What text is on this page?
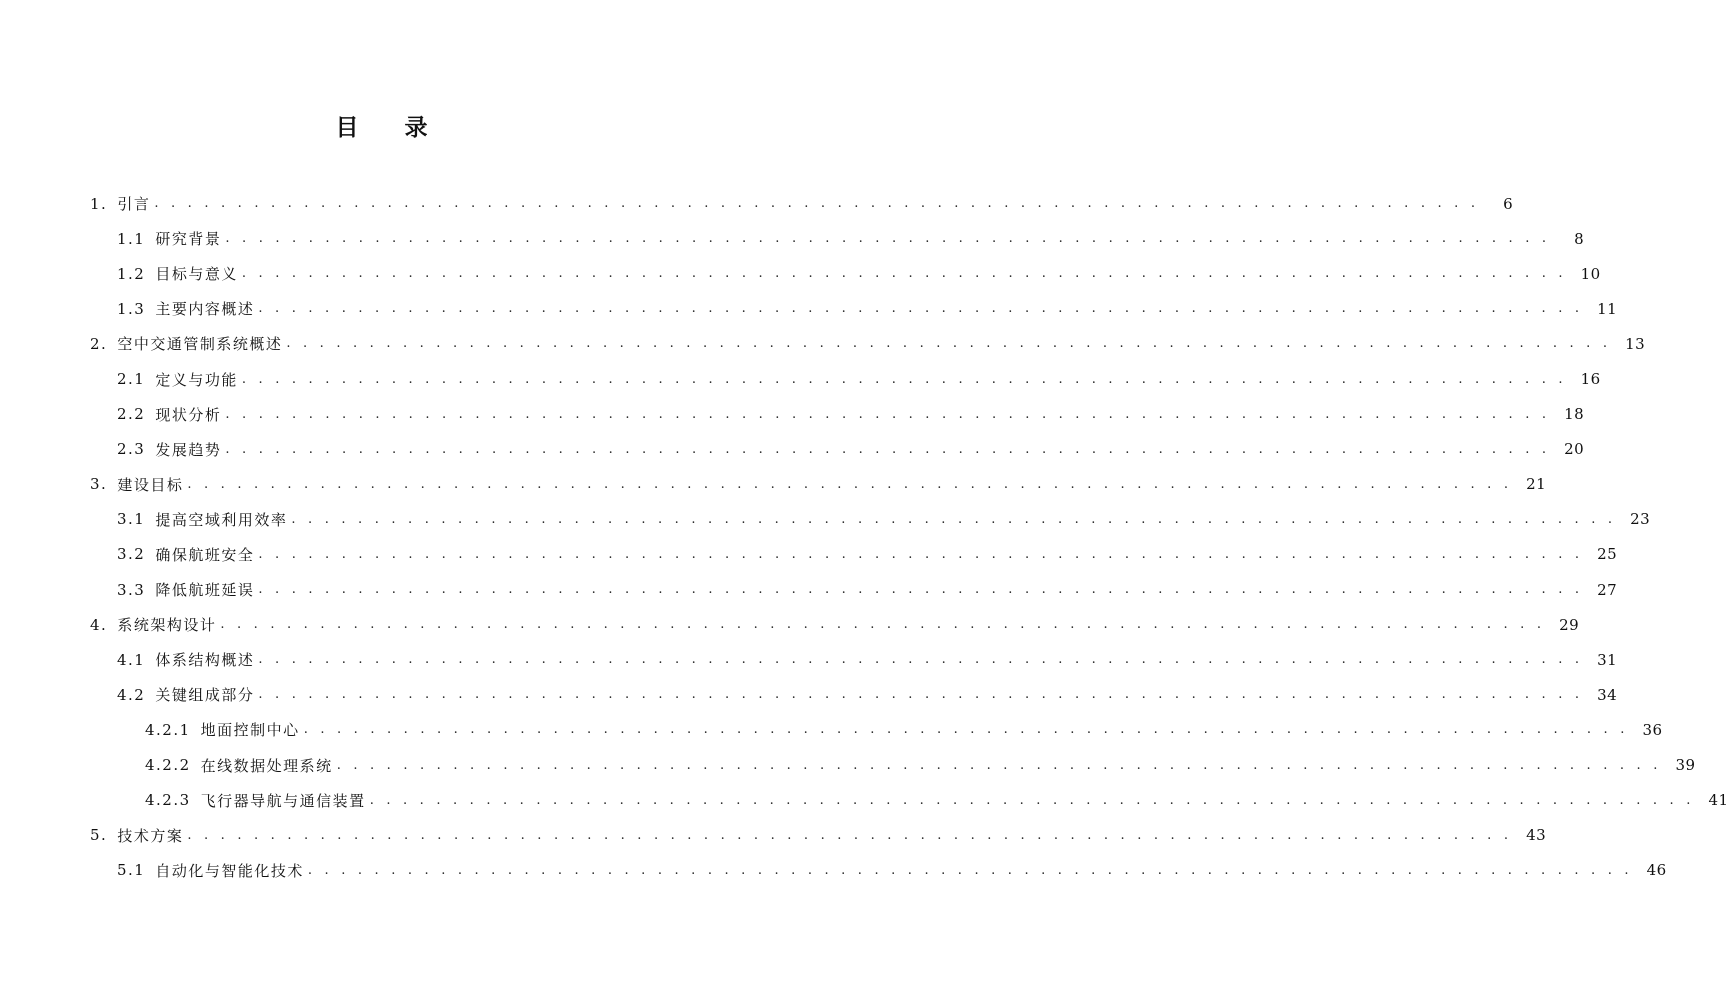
目 录
1. 引言 . . . . . . . . . . . . . . . . . . . . . . . . . . . . . . . . . . . . . . . . . . . . . . . . . . . . . . . . . . . . . . . . . . . . . . . . . . . . . . . .	6
1.1 研究背景 . . . . . . . . . . . . . . . . . . . . . . . . . . . . . . . . . . . . . . . . . . . . . . . . . . . . . . . . . . . . . . . . . . . . . . . . . . . . . . . .	8
1.2 目标与意义 . . . . . . . . . . . . . . . . . . . . . . . . . . . . . . . . . . . . . . . . . . . . . . . . . . . . . . . . . . . . . . . . . . . . . . . . . . . . . . . . 10
1.3 主要内容概述 . . . . . . . . . . . . . . . . . . . . . . . . . . . . . . . . . . . . . . . . . . . . . . . . . . . . . . . . . . . . . . . . . . . . . . . . . . . . . . . . 11
2. 空中交通管制系统概述 . . . . . . . . . . . . . . . . . . . . . . . . . . . . . . . . . . . . . . . . . . . . . . . . . . . . . . . . . . . . . . . . . . . . . . . . . . . . . . . . 13
2.1 定义与功能 . . . . . . . . . . . . . . . . . . . . . . . . . . . . . . . . . . . . . . . . . . . . . . . . . . . . . . . . . . . . . . . . . . . . . . . . . . . . . . . . 16
2.2 现状分析 . . . . . . . . . . . . . . . . . . . . . . . . . . . . . . . . . . . . . . . . . . . . . . . . . . . . . . . . . . . . . . . . . . . . . . . . . . . . . . . . 18
2.3 发展趋势 . . . . . . . . . . . . . . . . . . . . . . . . . . . . . . . . . . . . . . . . . . . . . . . . . . . . . . . . . . . . . . . . . . . . . . . . . . . . . . . . 20
3. 建设目标 . . . . . . . . . . . . . . . . . . . . . . . . . . . . . . . . . . . . . . . . . . . . . . . . . . . . . . . . . . . . . . . . . . . . . . . . . . . . . . . . 21
3.1 提高空域利用效率 . . . . . . . . . . . . . . . . . . . . . . . . . . . . . . . . . . . . . . . . . . . . . . . . . . . . . . . . . . . . . . . . . . . . . . . . . . . . . . . . 23
3.2 确保航班安全 . . . . . . . . . . . . . . . . . . . . . . . . . . . . . . . . . . . . . . . . . . . . . . . . . . . . . . . . . . . . . . . . . . . . . . . . . . . . . . . . 25
3.3 降低航班延误 . . . . . . . . . . . . . . . . . . . . . . . . . . . . . . . . . . . . . . . . . . . . . . . . . . . . . . . . . . . . . . . . . . . . . . . . . . . . . . . . 27
4. 系统架构设计 . . . . . . . . . . . . . . . . . . . . . . . . . . . . . . . . . . . . . . . . . . . . . . . . . . . . . . . . . . . . . . . . . . . . . . . . . . . . . . . . 29
4.1 体系结构概述 . . . . . . . . . . . . . . . . . . . . . . . . . . . . . . . . . . . . . . . . . . . . . . . . . . . . . . . . . . . . . . . . . . . . . . . . . . . . . . . . 31
4.2 关键组成部分 . . . . . . . . . . . . . . . . . . . . . . . . . . . . . . . . . . . . . . . . . . . . . . . . . . . . . . . . . . . . . . . . . . . . . . . . . . . . . . . . 34
4.2.1 地面控制中心 . . . . . . . . . . . . . . . . . . . . . . . . . . . . . . . . . . . . . . . . . . . . . . . . . . . . . . . . . . . . . . . . . . . . . . . . . . . . . . . . 36
4.2.2 在线数据处理系统 . . . . . . . . . . . . . . . . . . . . . . . . . . . . . . . . . . . . . . . . . . . . . . . . . . . . . . . . . . . . . . . . . . . . . . . . . . . . . . . . 39
4.2.3 飞行器导航与通信装置 . . . . . . . . . . . . . . . . . . . . . . . . . . . . . . . . . . . . . . . . . . . . . . . . . . . . . . . . . . . . . . . . . . . . . . . . . . . . . . . . 41
5. 技术方案 . . . . . . . . . . . . . . . . . . . . . . . . . . . . . . . . . . . . . . . . . . . . . . . . . . . . . . . . . . . . . . . . . . . . . . . . . . . . . . . . 43
5.1 自动化与智能化技术 . . . . . . . . . . . . . . . . . . . . . . . . . . . . . . . . . . . . . . . . . . . . . . . . . . . . . . . . . . . . . . . . . . . . . . . . . . . . . . . . 46
